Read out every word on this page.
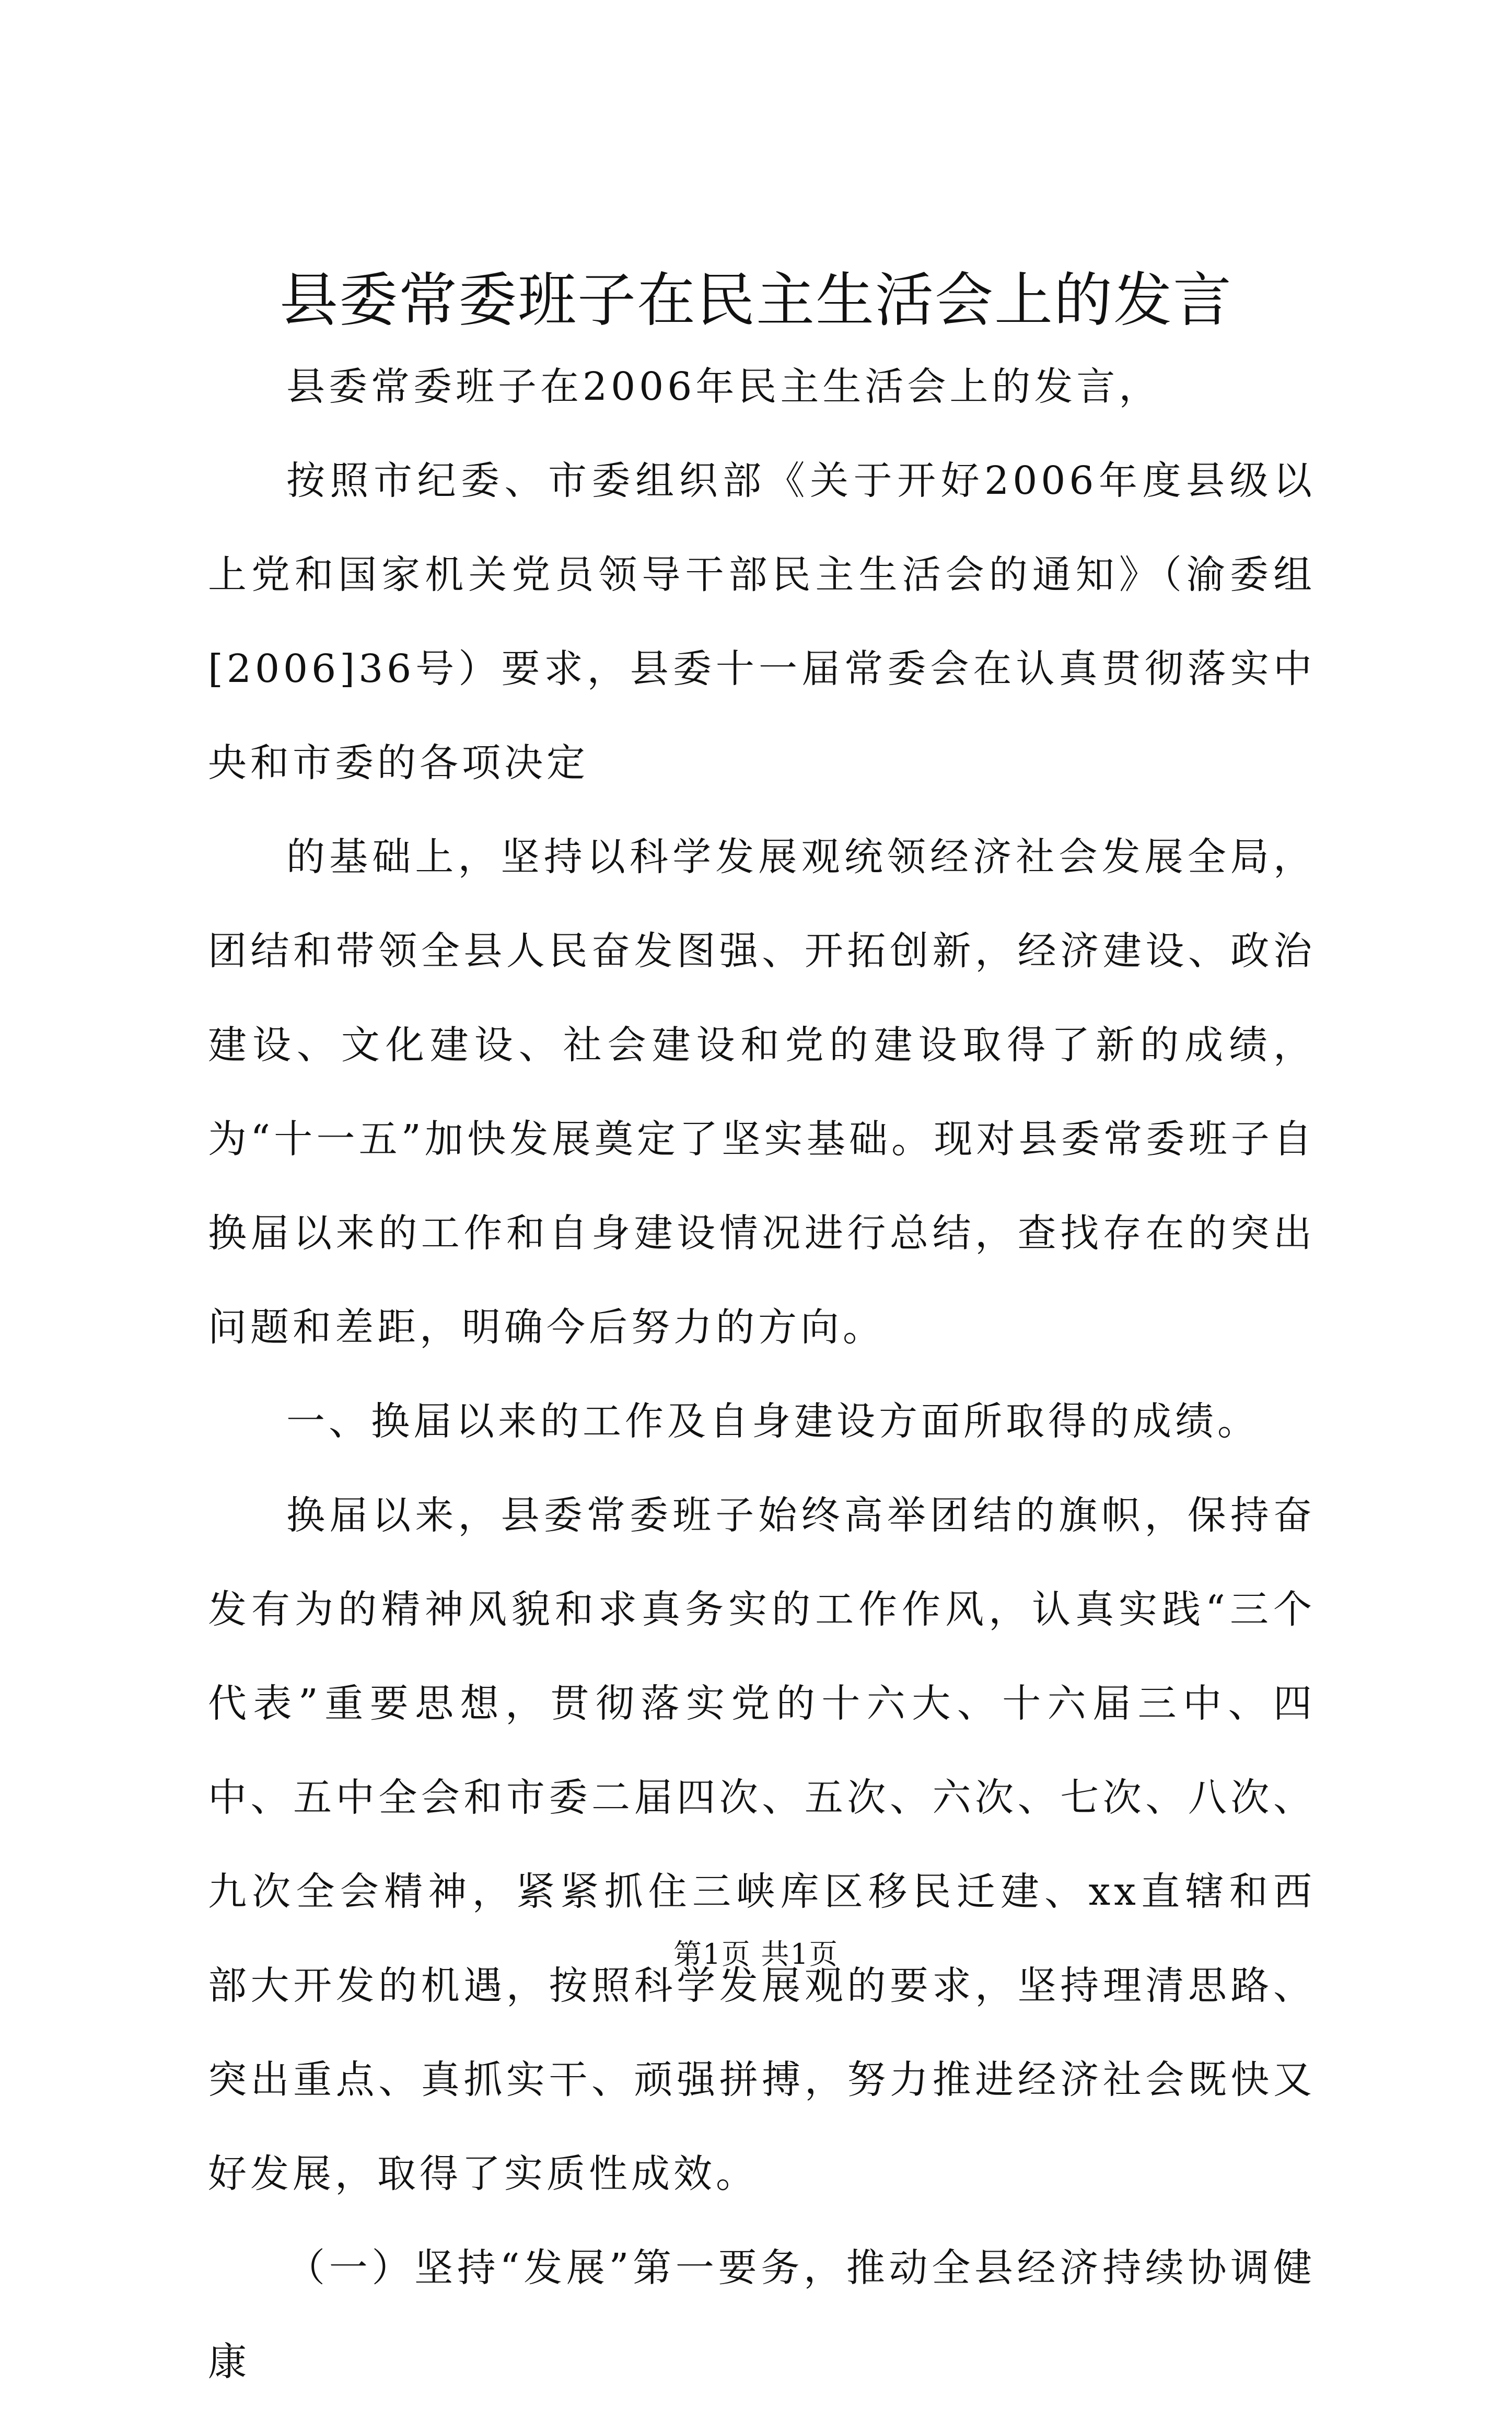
县委常委班子在民主生活会上的发言

县委常委班子在2006年民主生活会上的发言，

按照市纪委、市委组织部《关于开好2006年度县级以上党和国家机关党员领导干部民主生活会的通知》（渝委组[2006]36号）要求，县委十一届常委会在认真贯彻落实中央和市委的各项决定

的基础上，坚持以科学发展观统领经济社会发展全局，团结和带领全县人民奋发图强、开拓创新，经济建设、政治建设、文化建设、社会建设和党的建设取得了新的成绩，为“十一五”加快发展奠定了坚实基础。现对县委常委班子自换届以来的工作和自身建设情况进行总结，查找存在的突出问题和差距，明确今后努力的方向。

一、换届以来的工作及自身建设方面所取得的成绩。

换届以来，县委常委班子始终高举团结的旗帜，保持奋发有为的精神风貌和求真务实的工作作风，认真实践“三个代表”重要思想，贯彻落实党的十六大、十六届三中、四中、五中全会和市委二届四次、五次、六次、七次、八次、九次全会精神，紧紧抓住三峡库区移民迁建、xx直辖和西部大开发的机遇，按照科学发展观的要求，坚持理清思路、突出重点、真抓实干、顽强拼搏，努力推进经济社会既快又好发展，取得了实质性成效。

（一）坚持“发展”第一要务，推动全县经济持续协调健康

第1页 共1页
